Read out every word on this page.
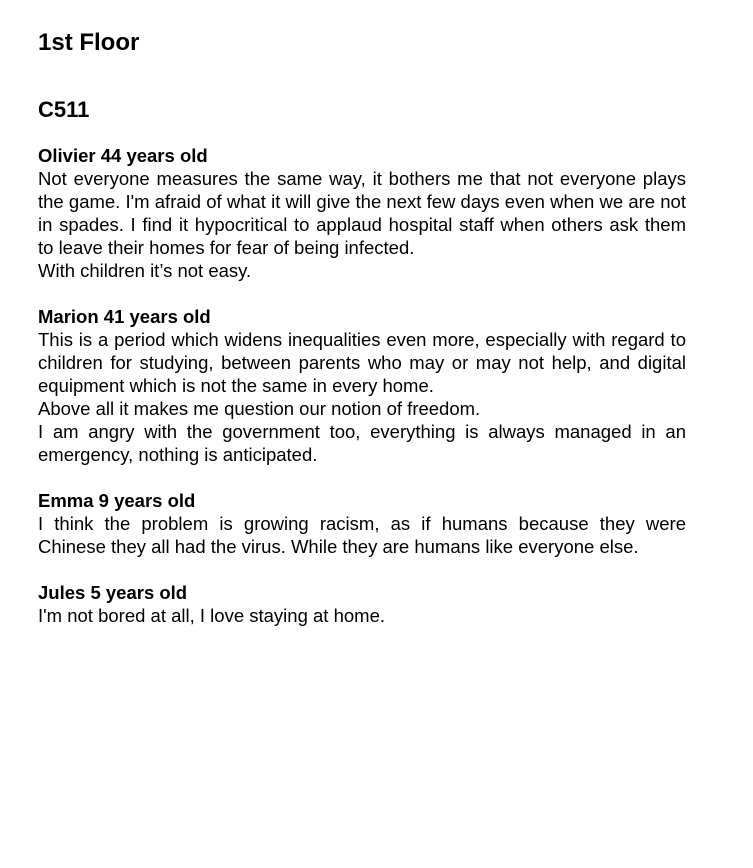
1st Floor
C511
Olivier 44 years old
Not everyone measures the same way, it bothers me that not everyone plays the game. I'm afraid of what it will give the next few days even when we are not in spades. I find it hypocritical to applaud hospital staff when others ask them to leave their homes for fear of being infected.
With children it’s not easy.
Marion 41 years old
This is a period which widens inequalities even more, especially with regard to children for studying, between parents who may or may not help, and digital equipment which is not the same in every home.
Above all it makes me question our notion of freedom.
I am angry with the government too, everything is always managed in an emergency, nothing is anticipated.
Emma 9 years old
I think the problem is growing racism, as if humans because they were Chinese they all had the virus. While they are humans like everyone else.
Jules 5 years old
I'm not bored at all, I love staying at home.
